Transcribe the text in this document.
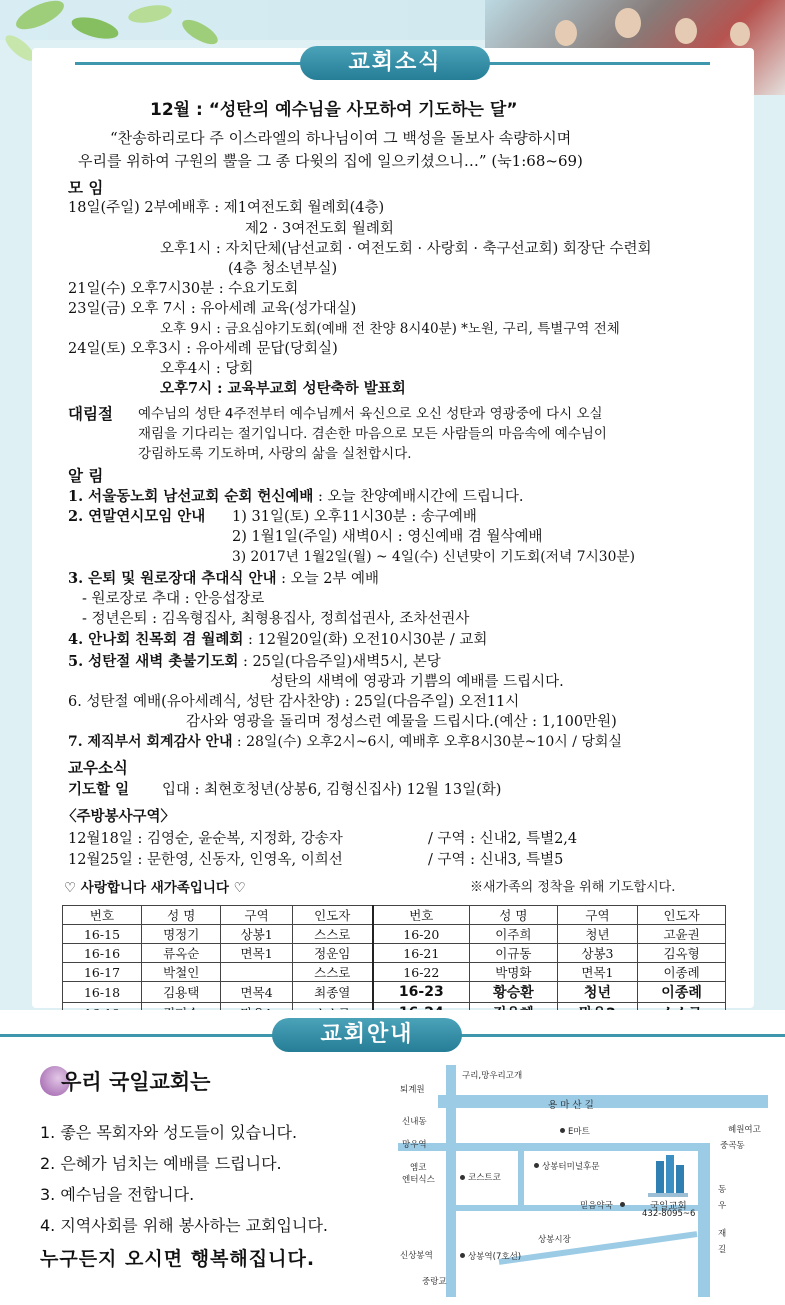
교회소식
12월 : “성탄의 예수님을 사모하여 기도하는 달”
“찬송하리로다 주 이스라엘의 하나님이여 그 백성을 돌보사 속량하시며
우리를 위하여 구원의 뿔을 그 종 다윗의 집에 일으키셨으니…” (눅1:68~69)
모 임
18일(주일) 2부예배후 : 제1여전도회 월례회(4층)
제2 · 3여전도회 월례회
오후1시 : 자치단체(남선교회 · 여전도회 · 사랑회 · 축구선교회) 회장단 수련회
(4층 청소년부실)
21일(수) 오후7시30분 : 수요기도회
23일(금) 오후 7시 : 유아세례 교육(성가대실)
오후 9시 : 금요심야기도회(예배 전 찬양 8시40분) *노원, 구리, 특별구역 전체
24일(토) 오후3시 : 유아세례 문답(당회실)
오후4시 : 당회
오후7시 : 교육부교회 성탄축하 발표회
대림절 예수님의 성탄 4주전부터 예수님께서 육신으로 오신 성탄과 영광중에 다시 오실
재림을 기다리는 절기입니다. 겸손한 마음으로 모든 사람들의 마음속에 예수님이
강림하도록 기도하며, 사랑의 삶을 실천합시다.
알 림
1. 서울동노회 남선교회 순회 헌신예배 : 오늘 찬양예배시간에 드립니다.
2. 연말연시모임 안내 1) 31일(토) 오후11시30분 : 송구예배
2) 1월1일(주일) 새벽0시 : 영신예배 겸 월삭예배
3) 2017년 1월2일(월) ~ 4일(수) 신년맞이 기도회(저녁 7시30분)
3. 은퇴 및 원로장대 추대식 안내 : 오늘 2부 예배
- 원로장로 추대 : 안응섭장로
- 정년은퇴 : 김옥형집사, 최형용집사, 정희섭권사, 조차선권사
4. 안나회 친목회 겸 월례회 : 12월20일(화) 오전10시30분 / 교회
5. 성탄절 새벽 촛불기도회 : 25일(다음주일)새벽5시, 본당
성탄의 새벽에 영광과 기쁨의 예배를 드립시다.
6. 성탄절 예배(유아세례식, 성탄 감사찬양) : 25일(다음주일) 오전11시
감사와 영광을 돌리며 정성스런 예물을 드립시다.(예산 : 1,100만원)
7. 제직부서 회계감사 안내 : 28일(수) 오후2시~6시, 예배후 오후8시30분~10시 / 당회실
교우소식
기도할 일 입대 : 최현호청년(상봉6, 김형신집사) 12월 13일(화)
〈주방봉사구역〉
12월18일 : 김영순, 윤순복, 지정화, 강송자	/ 구역 : 신내2, 특별2,4
12월25일 : 문한영, 신동자, 인영옥, 이희선	/ 구역 : 신내3, 특별5
♡ 사랑합니다 새가족입니다 ♡	※새가족의 정착을 위해 기도합시다.
번호	성 명	구역	인도자	번호	성 명	구역	인도자
16-15	명정기	상봉1	스스로	16-20	이주희	청년	고윤권
16-16	류옥순	면목1	정운임	16-21	이규동	상봉3	김옥형
16-17	박철인		스스로	16-22	박명화	면목1	이종례
16-18	김용택	면목4	최종열	16-23	황승환	청년	이종례

교회안내
우리 국일교회는
1. 좋은 목회자와 성도들이 있습니다.
2. 은혜가 넘치는 예배를 드립니다.
3. 예수님을 전합니다.
4. 지역사회를 위해 봉사하는 교회입니다.
누구든지 오시면 행복해집니다.
구리,망우리고개
퇴계원
용 마 산 길
신내동
E마트	혜원여고
망우역	중곡동
엠코
엔터식스	코스트코
상봉터미널후문
국일교회
432-8095~6
믿음약국
동
우
재
길
상봉시장
신상봉역	상봉역(7호선)
중랑교
